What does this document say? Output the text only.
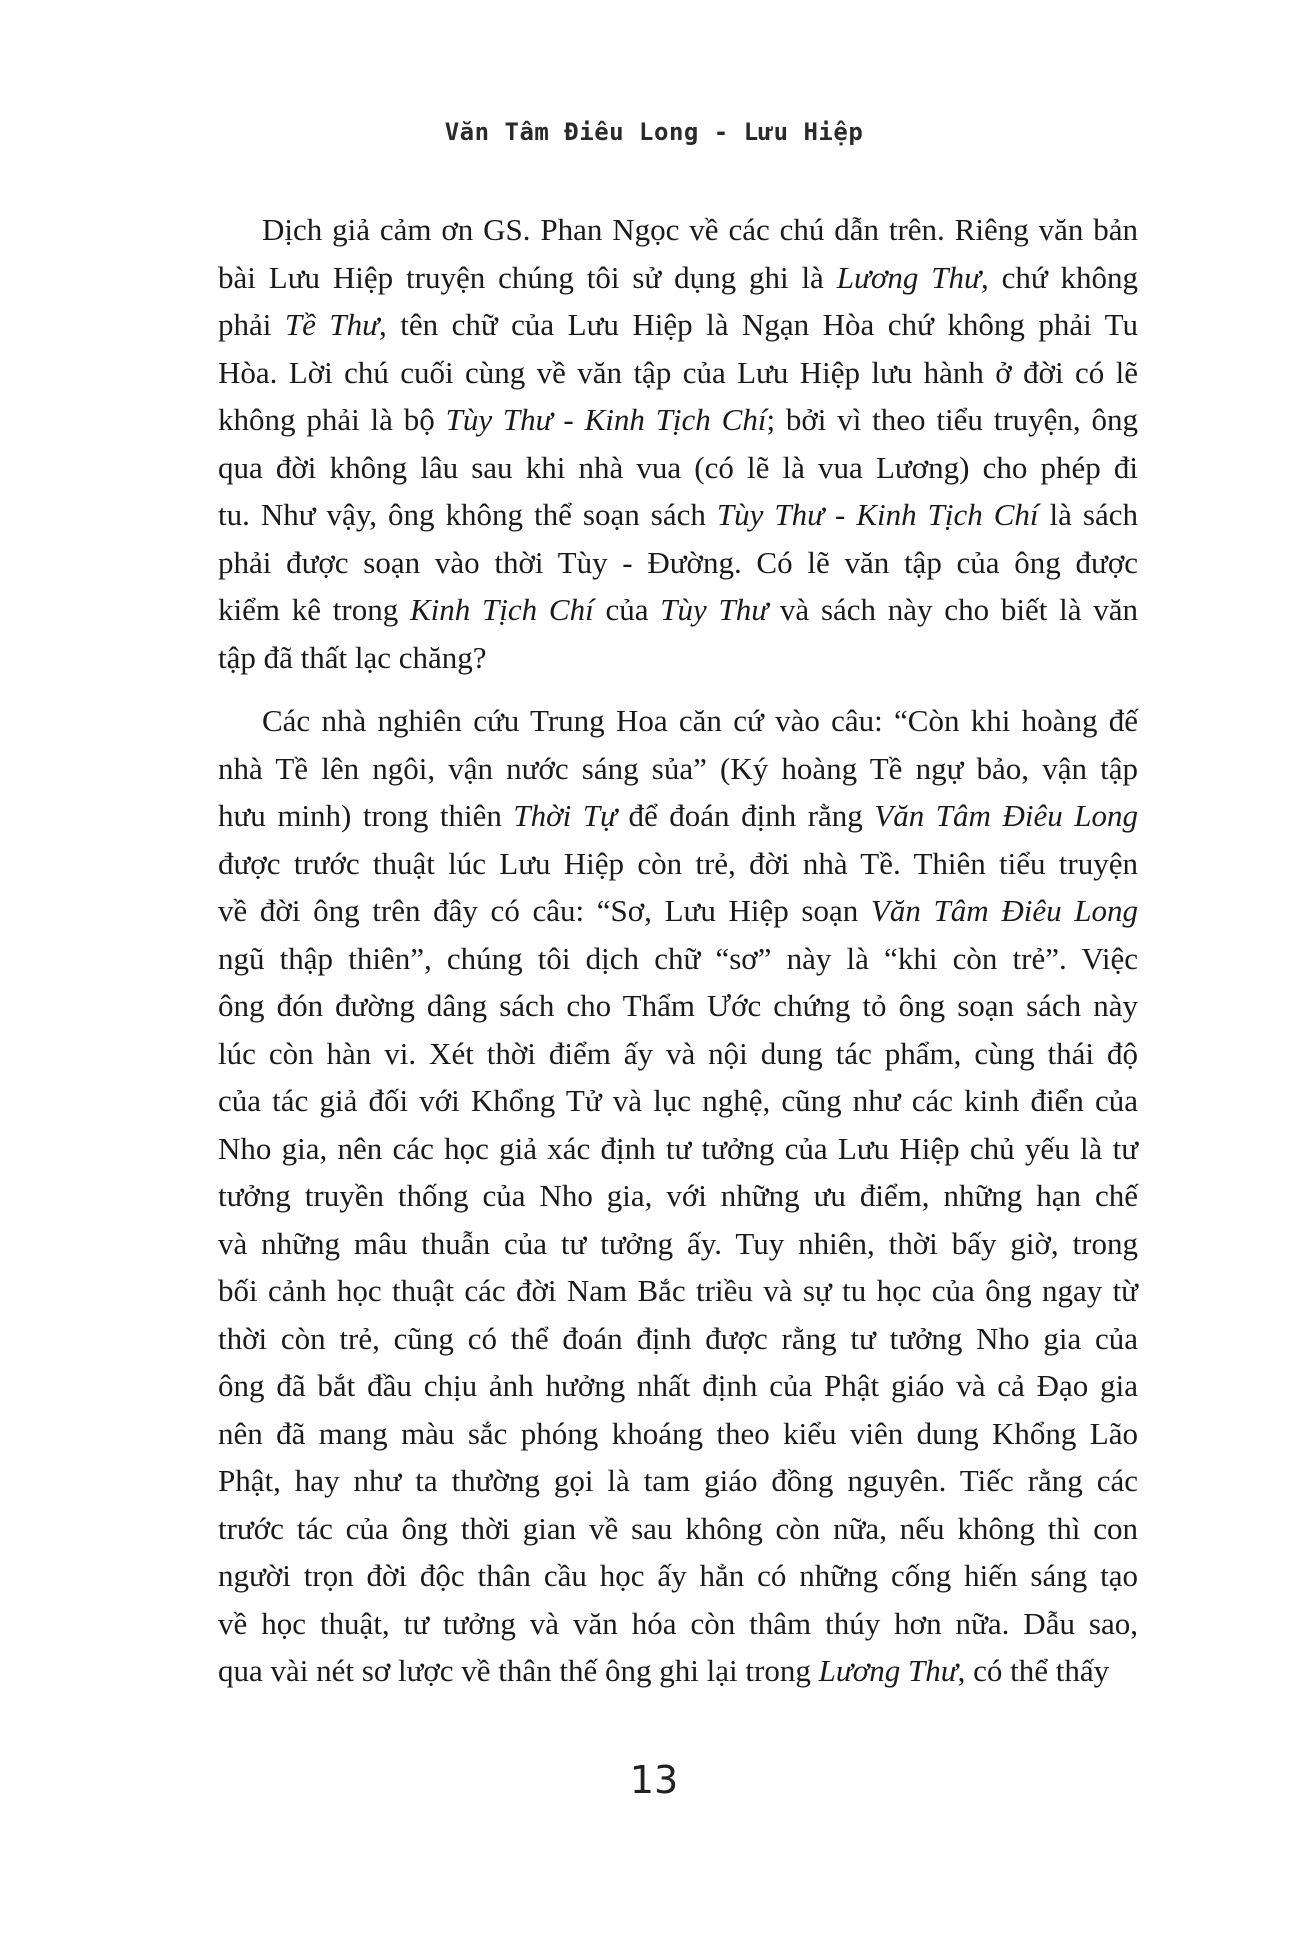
Văn Tâm Điêu Long - Lưu Hiệp
Dịch giả cảm ơn GS. Phan Ngọc về các chú dẫn trên. Riêng văn bản
bài Lưu Hiệp truyện chúng tôi sử dụng ghi là Lương Thư, chứ không
phải Tề Thư, tên chữ của Lưu Hiệp là Ngạn Hòa chứ không phải Tu
Hòa. Lời chú cuối cùng về văn tập của Lưu Hiệp lưu hành ở đời có lẽ
không phải là bộ Tùy Thư - Kinh Tịch Chí; bởi vì theo tiểu truyện, ông
qua đời không lâu sau khi nhà vua (có lẽ là vua Lương) cho phép đi
tu. Như vậy, ông không thể soạn sách Tùy Thư - Kinh Tịch Chí là sách
phải được soạn vào thời Tùy - Đường. Có lẽ văn tập của ông được
kiểm kê trong Kinh Tịch Chí của Tùy Thư và sách này cho biết là văn
tập đã thất lạc chăng?
Các nhà nghiên cứu Trung Hoa căn cứ vào câu: “Còn khi hoàng đế
nhà Tề lên ngôi, vận nước sáng sủa” (Ký hoàng Tề ngự bảo, vận tập
hưu minh) trong thiên Thời Tự để đoán định rằng Văn Tâm Điêu Long
được trước thuật lúc Lưu Hiệp còn trẻ, đời nhà Tề. Thiên tiểu truyện
về đời ông trên đây có câu: “Sơ, Lưu Hiệp soạn Văn Tâm Điêu Long
ngũ thập thiên”, chúng tôi dịch chữ “sơ” này là “khi còn trẻ”. Việc
ông đón đường dâng sách cho Thẩm Ước chứng tỏ ông soạn sách này
lúc còn hàn vi. Xét thời điểm ấy và nội dung tác phẩm, cùng thái độ
của tác giả đối với Khổng Tử và lục nghệ, cũng như các kinh điển của
Nho gia, nên các học giả xác định tư tưởng của Lưu Hiệp chủ yếu là tư
tưởng truyền thống của Nho gia, với những ưu điểm, những hạn chế
và những mâu thuẫn của tư tưởng ấy. Tuy nhiên, thời bấy giờ, trong
bối cảnh học thuật các đời Nam Bắc triều và sự tu học của ông ngay từ
thời còn trẻ, cũng có thể đoán định được rằng tư tưởng Nho gia của
ông đã bắt đầu chịu ảnh hưởng nhất định của Phật giáo và cả Đạo gia
nên đã mang màu sắc phóng khoáng theo kiểu viên dung Khổng Lão
Phật, hay như ta thường gọi là tam giáo đồng nguyên. Tiếc rằng các
trước tác của ông thời gian về sau không còn nữa, nếu không thì con
người trọn đời độc thân cầu học ấy hẳn có những cống hiến sáng tạo
về học thuật, tư tưởng và văn hóa còn thâm thúy hơn nữa. Dẫu sao,
qua vài nét sơ lược về thân thế ông ghi lại trong Lương Thư, có thể thấy
13
